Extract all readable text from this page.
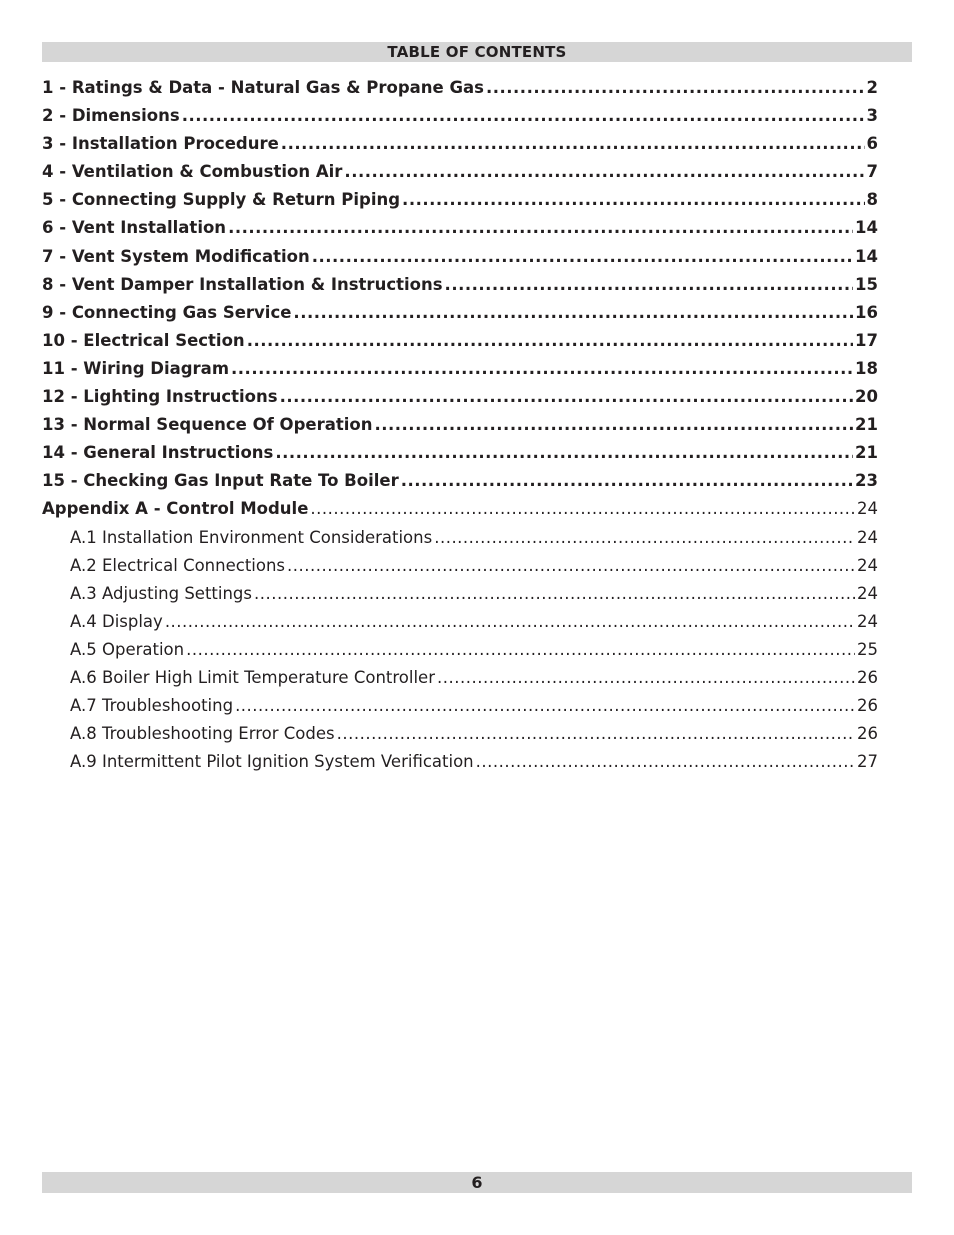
TABLE OF CONTENTS
1 - Ratings & Data - Natural Gas & Propane Gas .....	2
2 - Dimensions .....	3
3 - Installation Procedure .....	6
4 - Ventilation & Combustion Air .....	7
5 - Connecting Supply & Return Piping .....	8
6 - Vent Installation .....	14
7 - Vent System Modification .....	14
8 - Vent Damper Installation & Instructions .....	15
9 - Connecting Gas Service .....	16
10 - Electrical Section .....	17
11 - Wiring Diagram .....	18
12 - Lighting Instructions .....	20
13 - Normal Sequence Of Operation .....	21
14 - General Instructions .....	21
15 - Checking Gas Input Rate To Boiler .....	23
Appendix A - Control Module .....	24
A.1 Installation Environment Considerations .....	24
A.2 Electrical Connections .....	24
A.3 Adjusting Settings .....	24
A.4 Display .....	24
A.5 Operation .....	25
A.6 Boiler High Limit Temperature Controller .....	26
A.7 Troubleshooting .....	26
A.8 Troubleshooting Error Codes .....	26
A.9 Intermittent Pilot Ignition System Verification .....	27
6
